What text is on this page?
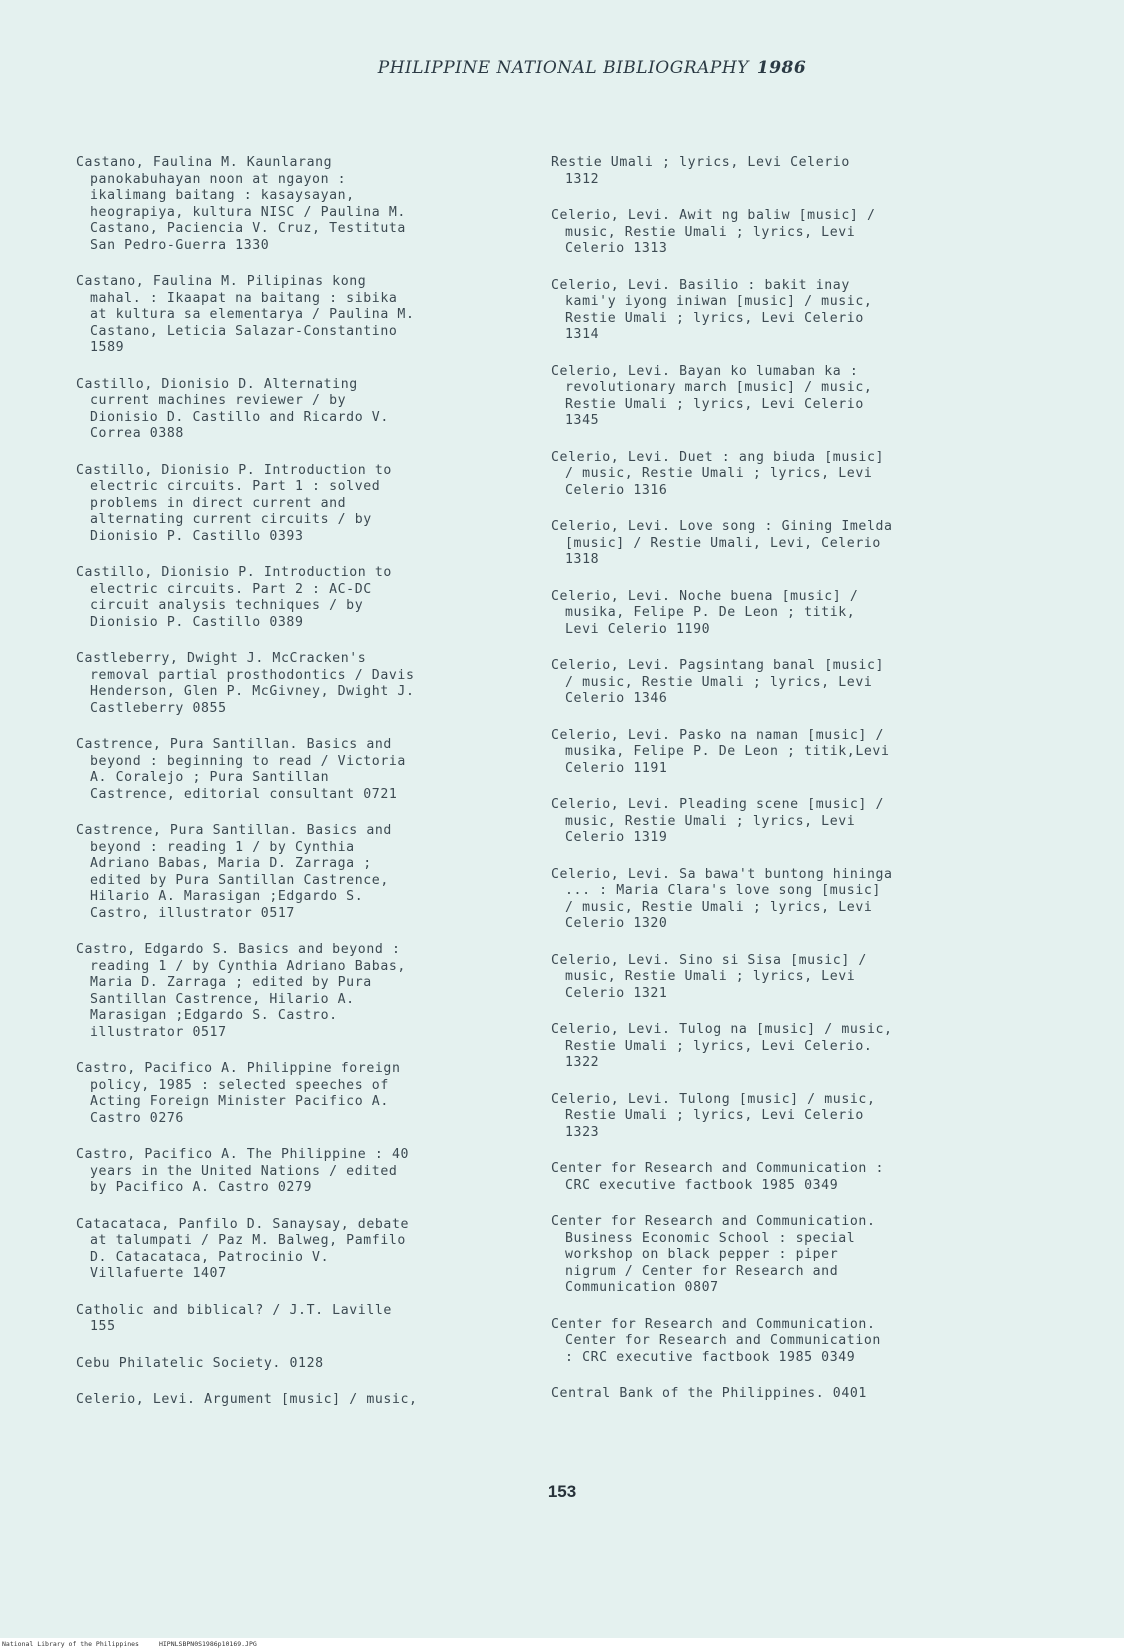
PHILIPPINE NATIONAL BIBLIOGRAPHY 1986
Castano, Faulina M. Kaunlarang
panokabuhayan noon at ngayon :
ikalimang baitang : kasaysayan,
heograpiya, kultura NISC / Paulina M.
Castano, Paciencia V. Cruz, Testituta
San Pedro-Guerra 1330
Castano, Faulina M. Pilipinas kong
mahal. : Ikaapat na baitang : sibika
at kultura sa elementarya / Paulina M.
Castano, Leticia Salazar-Constantino
1589
Castillo, Dionisio D. Alternating
current machines reviewer / by
Dionisio D. Castillo and Ricardo V.
Correa 0388
Castillo, Dionisio P. Introduction to
electric circuits. Part 1 : solved
problems in direct current and
alternating current circuits / by
Dionisio P. Castillo 0393
Castillo, Dionisio P. Introduction to
electric circuits. Part 2 : AC-DC
circuit analysis techniques / by
Dionisio P. Castillo 0389
Castleberry, Dwight J. McCracken's
removal partial prosthodontics / Davis
Henderson, Glen P. McGivney, Dwight J.
Castleberry 0855
Castrence, Pura Santillan. Basics and
beyond : beginning to read / Victoria
A. Coralejo ; Pura Santillan
Castrence, editorial consultant 0721
Castrence, Pura Santillan. Basics and
beyond : reading 1 / by Cynthia
Adriano Babas, Maria D. Zarraga ;
edited by Pura Santillan Castrence,
Hilario A. Marasigan ;Edgardo S.
Castro, illustrator 0517
Castro, Edgardo S. Basics and beyond :
reading 1 / by Cynthia Adriano Babas,
Maria D. Zarraga ; edited by Pura
Santillan Castrence, Hilario A.
Marasigan ;Edgardo S. Castro.
illustrator 0517
Castro, Pacifico A. Philippine foreign
policy, 1985 : selected speeches of
Acting Foreign Minister Pacifico A.
Castro 0276
Castro, Pacifico A. The Philippine : 40
years in the United Nations / edited
by Pacifico A. Castro 0279
Catacataca, Panfilo D. Sanaysay, debate
at talumpati / Paz M. Balweg, Pamfilo
D. Catacataca, Patrocinio V.
Villafuerte 1407
Catholic and biblical? / J.T. Laville
155
Cebu Philatelic Society. 0128
Celerio, Levi. Argument [music] / music,
Restie Umali ; lyrics, Levi Celerio
1312
Celerio, Levi. Awit ng baliw [music] /
music, Restie Umali ; lyrics, Levi
Celerio 1313
Celerio, Levi. Basilio : bakit inay
kami'y iyong iniwan [music] / music,
Restie Umali ; lyrics, Levi Celerio
1314
Celerio, Levi. Bayan ko lumaban ka :
revolutionary march [music] / music,
Restie Umali ; lyrics, Levi Celerio
1345
Celerio, Levi. Duet : ang biuda [music]
/ music, Restie Umali ; lyrics, Levi
Celerio 1316
Celerio, Levi. Love song : Gining Imelda
[music] / Restie Umali, Levi, Celerio
1318
Celerio, Levi. Noche buena [music] /
musika, Felipe P. De Leon ; titik,
Levi Celerio 1190
Celerio, Levi. Pagsintang banal [music]
/ music, Restie Umali ; lyrics, Levi
Celerio 1346
Celerio, Levi. Pasko na naman [music] /
musika, Felipe P. De Leon ; titik,Levi
Celerio 1191
Celerio, Levi. Pleading scene [music] /
music, Restie Umali ; lyrics, Levi
Celerio 1319
Celerio, Levi. Sa bawa't buntong hininga
... : Maria Clara's love song [music]
/ music, Restie Umali ; lyrics, Levi
Celerio 1320
Celerio, Levi. Sino si Sisa [music] /
music, Restie Umali ; lyrics, Levi
Celerio 1321
Celerio, Levi. Tulog na [music] / music,
Restie Umali ; lyrics, Levi Celerio.
1322
Celerio, Levi. Tulong [music] / music,
Restie Umali ; lyrics, Levi Celerio
1323
Center for Research and Communication :
CRC executive factbook 1985 0349
Center for Research and Communication.
Business Economic School : special
workshop on black pepper : piper
nigrum / Center for Research and
Communication 0807
Center for Research and Communication.
Center for Research and Communication
: CRC executive factbook 1985 0349
Central Bank of the Philippines. 0401
153
National Library of the Philippines	HIPNLSBPN0S1986p10169.JPG
